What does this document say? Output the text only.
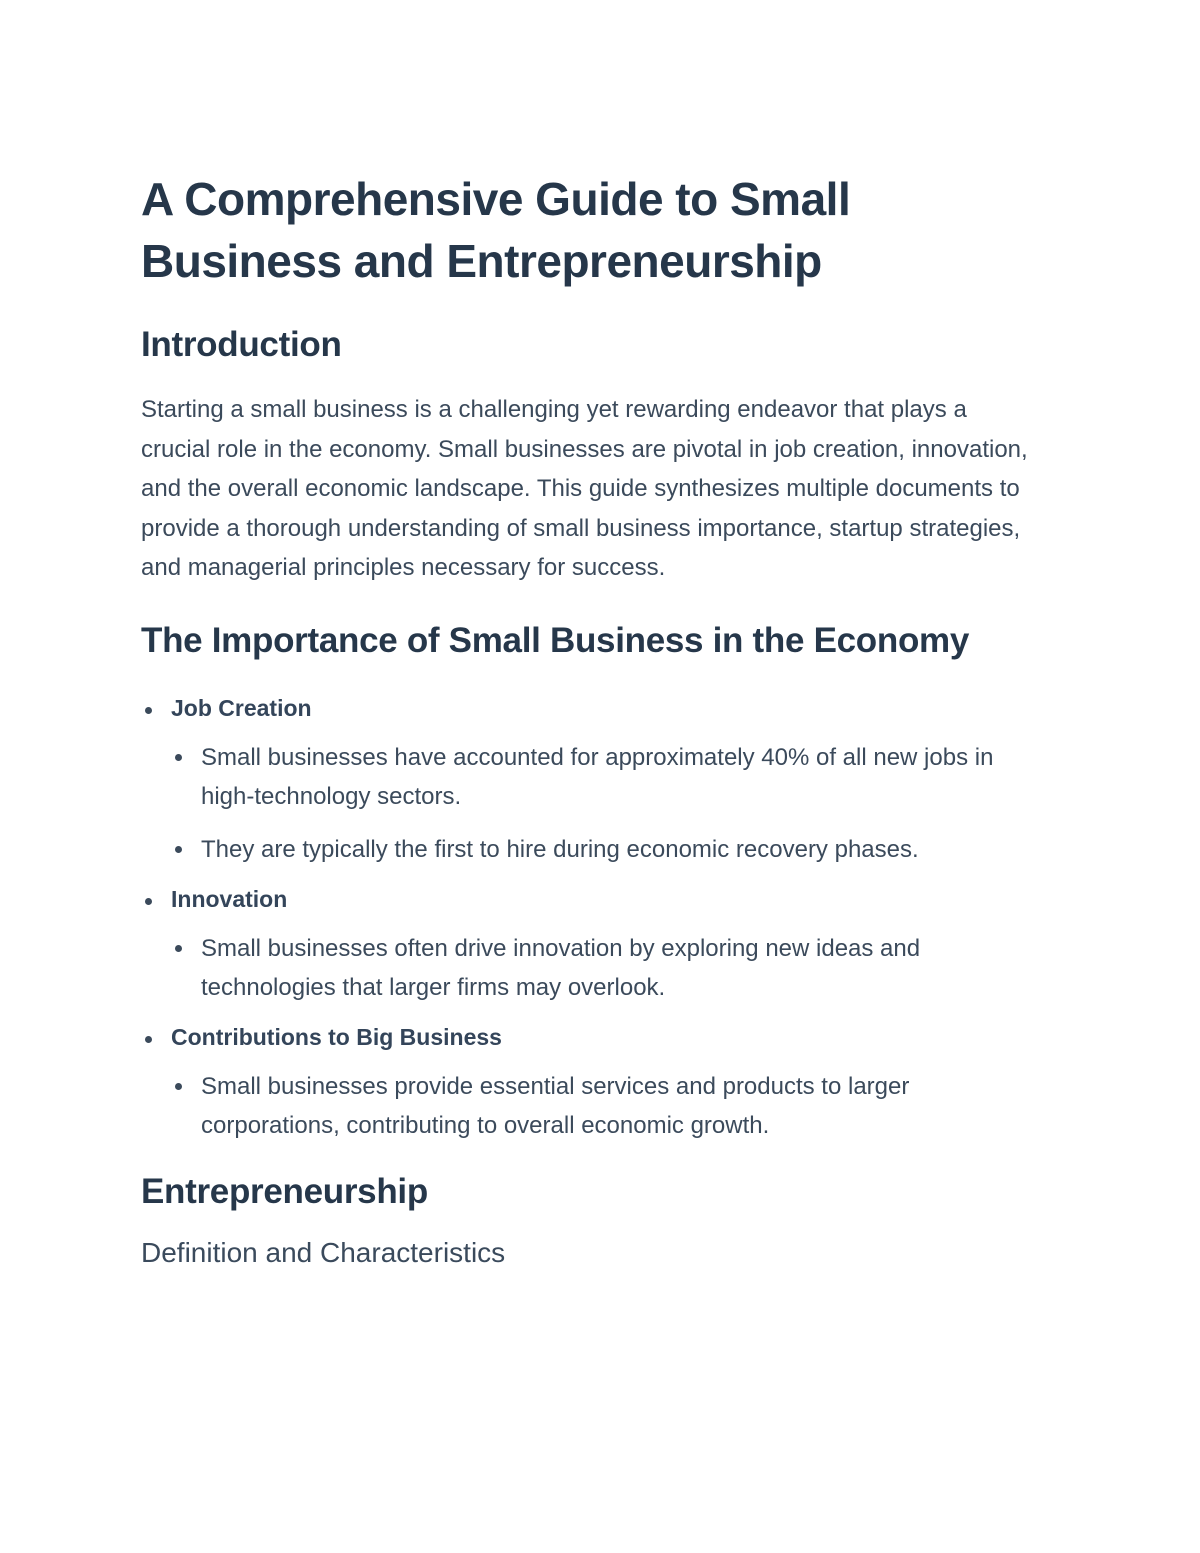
A Comprehensive Guide to Small Business and Entrepreneurship
Introduction

Starting a small business is a challenging yet rewarding endeavor that plays a crucial role in the economy. Small businesses are pivotal in job creation, innovation, and the overall economic landscape. This guide synthesizes multiple documents to provide a thorough understanding of small business importance, startup strategies, and managerial principles necessary for success.

The Importance of Small Business in the Economy
Job Creation
Small businesses have accounted for approximately 40% of all new jobs in high-technology sectors.
They are typically the first to hire during economic recovery phases.
Innovation
Small businesses often drive innovation by exploring new ideas and technologies that larger firms may overlook.
Contributions to Big Business
Small businesses provide essential services and products to larger corporations, contributing to overall economic growth.
Entrepreneurship
Definition and Characteristics
